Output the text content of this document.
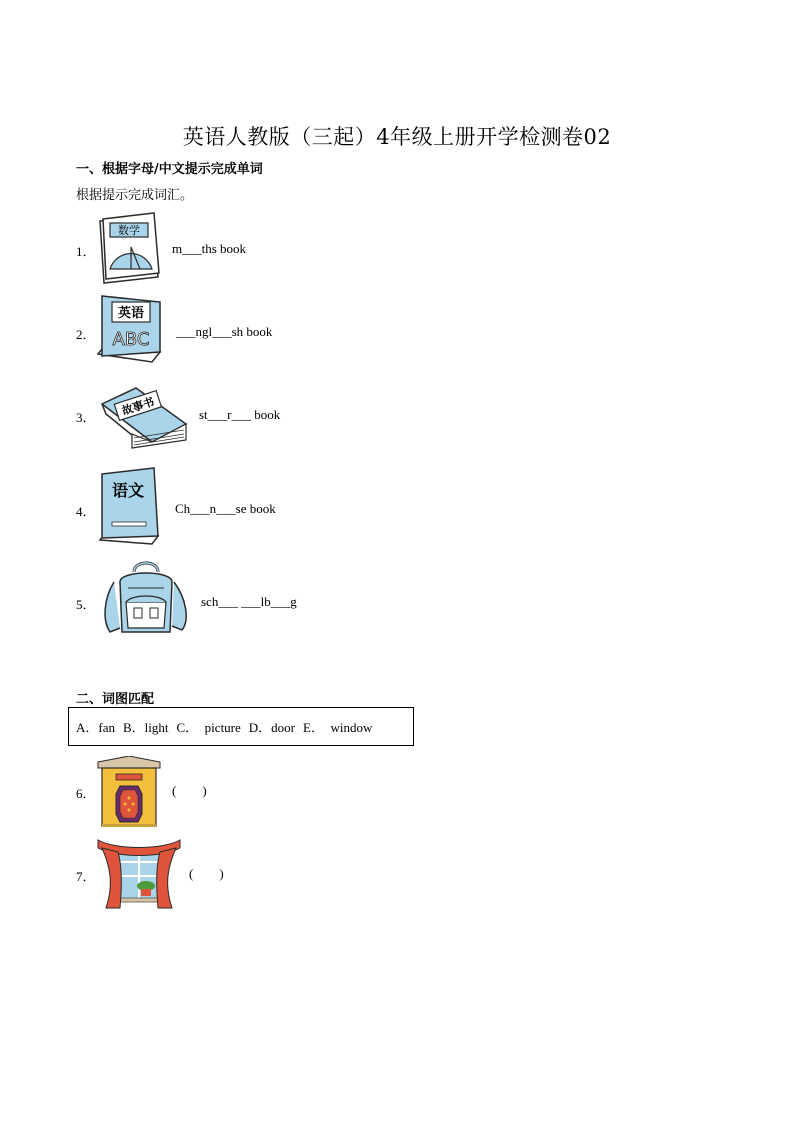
英语人教版（三起）4年级上册开学检测卷02
一、根据字母/中文提示完成单词
根据提示完成词汇。
1．
数学
m___ths book
2．
英语
ABC ___ngl___sh book
3． 故事书	st___r___ book
4．
语文
Ch___n___se book
5．	sch___ ___lb___g
二、词图匹配
A．fan B．light C．  picture D．door E．  window
6．	(        )
7．	(        )
